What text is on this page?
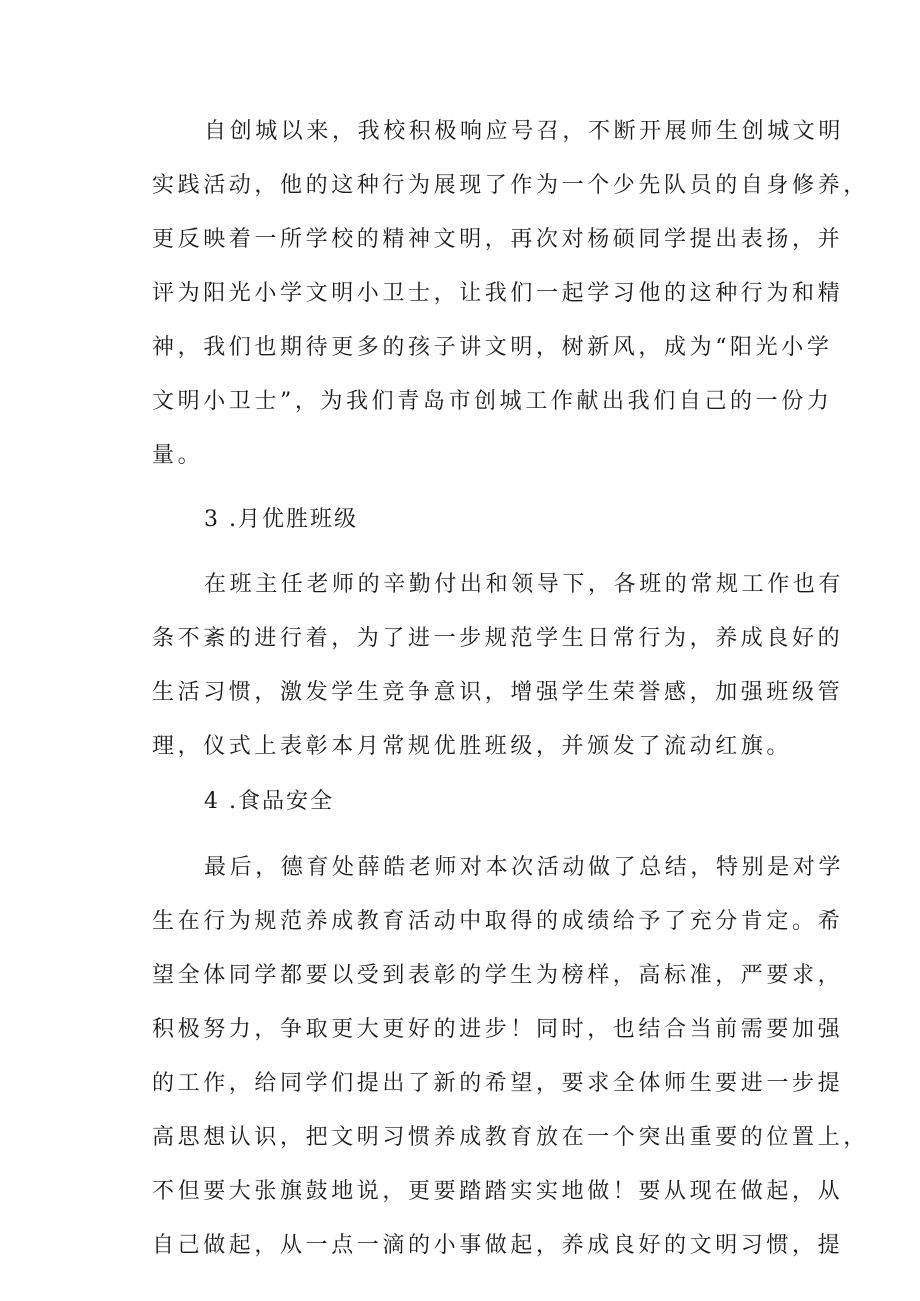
自创城以来，我校积极响应号召，不断开展师生创城文明
实践活动，他的这种行为展现了作为一个少先队员的自身修养，
更反映着一所学校的精神文明，再次对杨硕同学提出表扬，并
评为阳光小学文明小卫士，让我们一起学习他的这种行为和精
神，我们也期待更多的孩子讲文明，树新风，成为“阳光小学
文明小卫士”，为我们青岛市创城工作献出我们自己的一份力
量。
3 .月优胜班级
在班主任老师的辛勤付出和领导下，各班的常规工作也有
条不紊的进行着，为了进一步规范学生日常行为，养成良好的
生活习惯，激发学生竞争意识，增强学生荣誉感，加强班级管
理，仪式上表彰本月常规优胜班级，并颁发了流动红旗。
4 .食品安全
最后，德育处薛皓老师对本次活动做了总结，特别是对学
生在行为规范养成教育活动中取得的成绩给予了充分肯定。希
望全体同学都要以受到表彰的学生为榜样，高标准，严要求，
积极努力，争取更大更好的进步！同时，也结合当前需要加强
的工作，给同学们提出了新的希望，要求全体师生要进一步提
高思想认识，把文明习惯养成教育放在一个突出重要的位置上，
不但要大张旗鼓地说，更要踏踏实实地做！要从现在做起，从
自己做起，从一点一滴的小事做起，养成良好的文明习惯，提
